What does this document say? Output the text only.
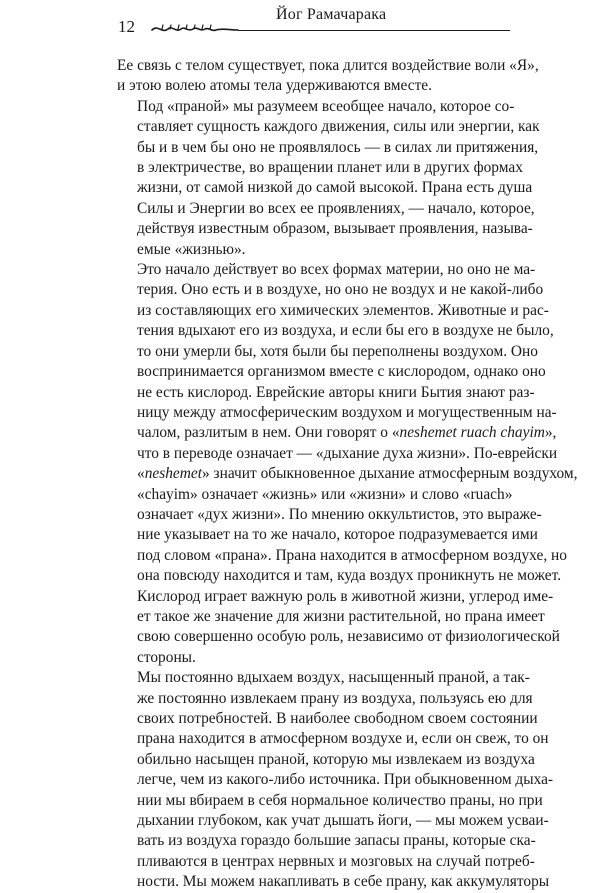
12
Йог Рамачарака

Ее связь с телом существует, пока длится воздействие воли «Я»,
и этою волею атомы тела удерживаются вместе.

Под «праной» мы разумеем всеобщее начало, которое со-
ставляет сущность каждого движения, силы или энергии, как
бы и в чем бы оно не проявлялось — в силах ли притяжения,
в электричестве, во вращении планет или в других формах
жизни, от самой низкой до самой высокой. Прана есть душа
Силы и Энергии во всех ее проявлениях, — начало, которое,
действуя известным образом, вызывает проявления, называ-
емые «жизнью».

Это начало действует во всех формах материи, но оно не ма-
терия. Оно есть и в воздухе, но оно не воздух и не какой-либо
из составляющих его химических элементов. Животные и рас-
тения вдыхают его из воздуха, и если бы его в воздухе не было,
то они умерли бы, хотя были бы переполнены воздухом. Оно
воспринимается организмом вместе с кислородом, однако оно
не есть кислород. Еврейские авторы книги Бытия знают раз-
ницу между атмосферическим воздухом и могущественным на-
чалом, разлитым в нем. Они говорят о «neshemet ruach chayim»,
что в переводе означает — «дыхание духа жизни». По-еврейски
«neshemet» значит обыкновенное дыхание атмосферным воздухом,
«chayim» означает «жизнь» или «жизни» и слово «ruach»
означает «дух жизни». По мнению оккультистов, это выраже-
ние указывает на то же начало, которое подразумевается ими
под словом «прана». Прана находится в атмосферном воздухе, но
она повсюду находится и там, куда воздух проникнуть не может.
Кислород играет важную роль в животной жизни, углерод име-
ет такое же значение для жизни растительной, но прана имеет
свою совершенно особую роль, независимо от физиологической
стороны.

Мы постоянно вдыхаем воздух, насыщенный праной, а так-
же постоянно извлекаем прану из воздуха, пользуясь ею для
своих потребностей. В наиболее свободном своем состоянии
прана находится в атмосферном воздухе и, если он свеж, то он
обильно насыщен праной, которую мы извлекаем из воздуха
легче, чем из какого-либо источника. При обыкновенном дыха-
нии мы вбираем в себя нормальное количество праны, но при
дыхании глубоком, как учат дышать йоги, — мы можем усваи-
вать из воздуха гораздо большие запасы праны, которые ска-
пливаются в центрах нервных и мозговых на случай потреб-
ности. Мы можем накапливать в себе прану, как аккумуляторы
